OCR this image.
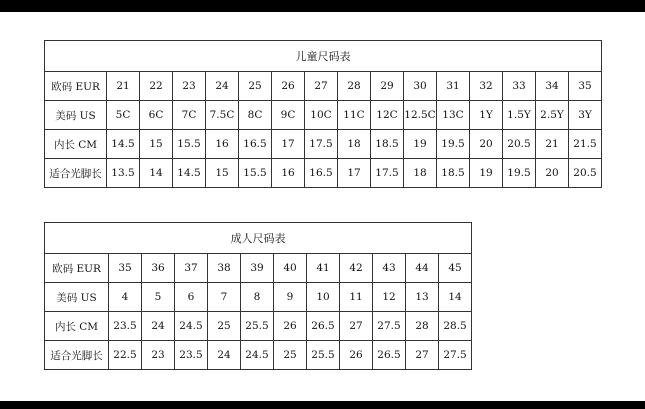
儿童尺码表															
欧码 EUR	21	22	23	24	25	26	27	28	29	30	31	32	33	34	35
美码 US	5C	6C	7C	7.5C	8C	9C	10C	11C	12C	12.5C	13C	1Y	1.5Y	2.5Y	3Y
内长 CM	14.5	15	15.5	16	16.5	17	17.5	18	18.5	19	19.5	20	20.5	21	21.5
适合光脚长	13.5	14	14.5	15	15.5	16	16.5	17	17.5	18	18.5	19	19.5	20	20.5
成人尺码表											
欧码 EUR	35	36	37	38	39	40	41	42	43	44	45
美码 US	4	5	6	7	8	9	10	11	12	13	14
内长 CM	23.5	24	24.5	25	25.5	26	26.5	27	27.5	28	28.5
适合光脚长	22.5	23	23.5	24	24.5	25	25.5	26	26.5	27	27.5
